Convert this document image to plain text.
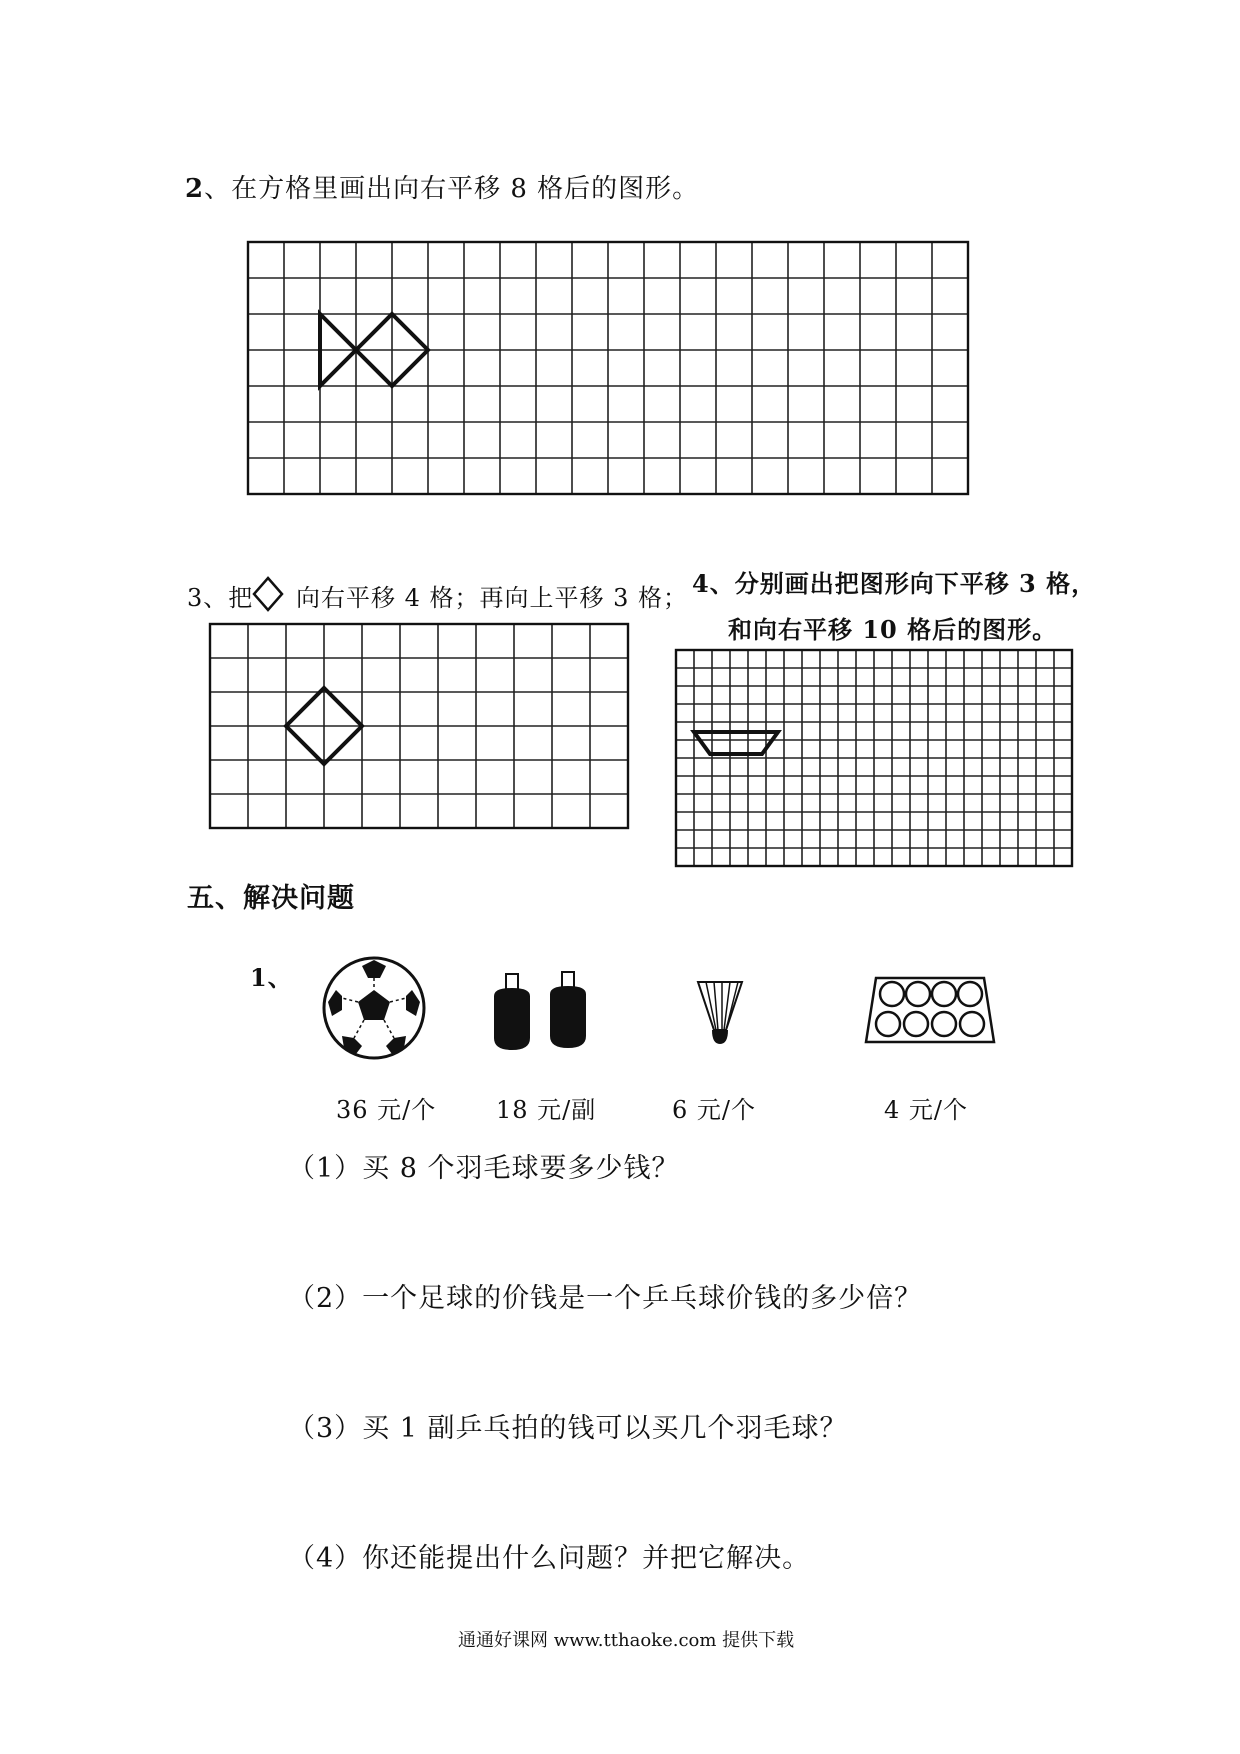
2、在方格里画出向右平移 8 格后的图形。
3、把 向右平移 4 格；再向上平移 3 格； 4、分别画出把图形向下平移 3 格，
和向右平移 10 格后的图形。
五、解决问题
1、
36 元/个 18 元/副	6 元/个	4 元/个
（1）买 8 个羽毛球要多少钱？
（2）一个足球的价钱是一个乒乓球价钱的多少倍？
（3）买 1 副乒乓拍的钱可以买几个羽毛球？
（4）你还能提出什么问题？并把它解决。
通通好课网 www.tthaoke.com 提供下载
